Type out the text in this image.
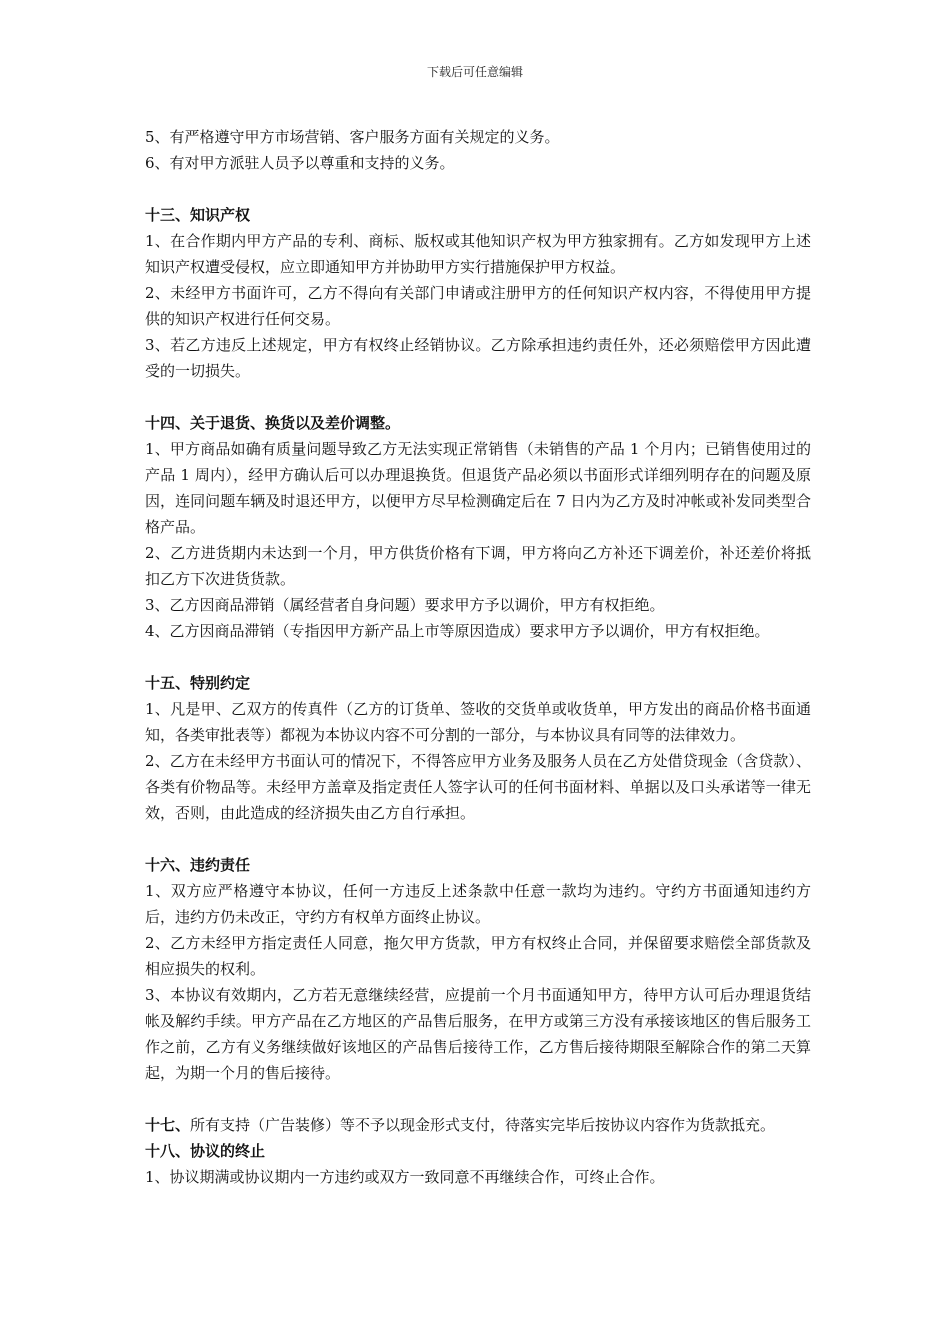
下载后可任意编辑

5、有严格遵守甲方市场营销、客户服务方面有关规定的义务。

6、有对甲方派驻人员予以尊重和支持的义务。

十三、知识产权

1、在合作期内甲方产品的专利、商标、版权或其他知识产权为甲方独家拥有。乙方如发现甲方上述知识产权遭受侵权，应立即通知甲方并协助甲方实行措施保护甲方权益。

2、未经甲方书面许可，乙方不得向有关部门申请或注册甲方的任何知识产权内容，不得使用甲方提供的知识产权进行任何交易。

3、若乙方违反上述规定，甲方有权终止经销协议。乙方除承担违约责任外，还必须赔偿甲方因此遭受的一切损失。

十四、关于退货、换货以及差价调整。

1、甲方商品如确有质量问题导致乙方无法实现正常销售（未销售的产品 1 个月内；已销售使用过的产品 1 周内），经甲方确认后可以办理退换货。但退货产品必须以书面形式详细列明存在的问题及原因，连同问题车辆及时退还甲方，以便甲方尽早检测确定后在 7 日内为乙方及时冲帐或补发同类型合格产品。

2、乙方进货期内未达到一个月，甲方供货价格有下调，甲方将向乙方补还下调差价，补还差价将抵扣乙方下次进货货款。

3、乙方因商品滞销（属经营者自身问题）要求甲方予以调价，甲方有权拒绝。

4、乙方因商品滞销（专指因甲方新产品上市等原因造成）要求甲方予以调价，甲方有权拒绝。

十五、特别约定

1、凡是甲、乙双方的传真件（乙方的订货单、签收的交货单或收货单，甲方发出的商品价格书面通知，各类审批表等）都视为本协议内容不可分割的一部分，与本协议具有同等的法律效力。

2、乙方在未经甲方书面认可的情况下，不得答应甲方业务及服务人员在乙方处借贷现金（含贷款）、各类有价物品等。未经甲方盖章及指定责任人签字认可的任何书面材料、单据以及口头承诺等一律无效，否则，由此造成的经济损失由乙方自行承担。

十六、违约责任

1、双方应严格遵守本协议，任何一方违反上述条款中任意一款均为违约。守约方书面通知违约方后，违约方仍未改正，守约方有权单方面终止协议。

2、乙方未经甲方指定责任人同意，拖欠甲方货款，甲方有权终止合同，并保留要求赔偿全部货款及相应损失的权利。

3、本协议有效期内，乙方若无意继续经营，应提前一个月书面通知甲方，待甲方认可后办理退货结帐及解约手续。甲方产品在乙方地区的产品售后服务，在甲方或第三方没有承接该地区的售后服务工作之前，乙方有义务继续做好该地区的产品售后接待工作，乙方售后接待期限至解除合作的第二天算起，为期一个月的售后接待。

十七、所有支持（广告装修）等不予以现金形式支付，待落实完毕后按协议内容作为货款抵充。

十八、协议的终止

1、协议期满或协议期内一方违约或双方一致同意不再继续合作，可终止合作。
